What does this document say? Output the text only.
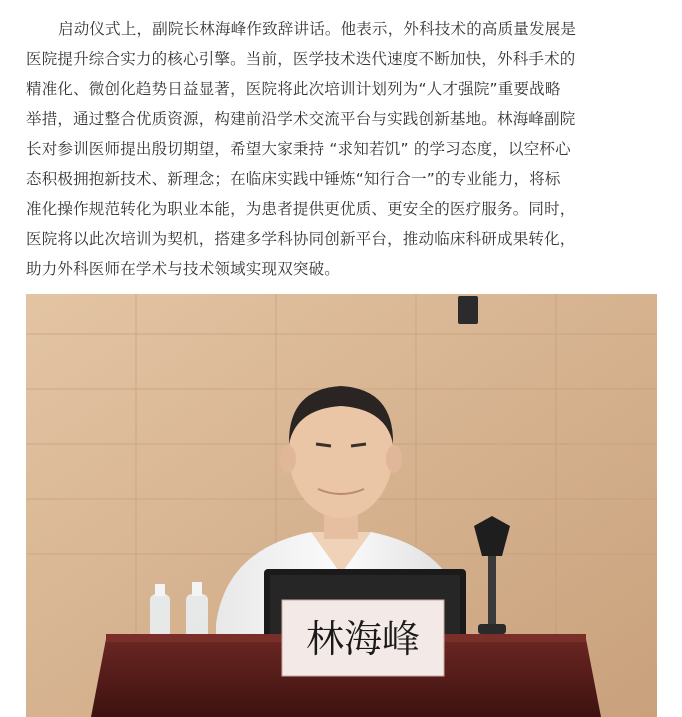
启动仪式上，副院长林海峰作致辞讲话。他表示，外科技术的高质量发展是
医院提升综合实力的核心引擎。当前，医学技术迭代速度不断加快，外科手术的
精准化、微创化趋势日益显著，医院将此次培训计划列为“人才强院”重要战略
举措，通过整合优质资源，构建前沿学术交流平台与实践创新基地。林海峰副院
长对参训医师提出殷切期望，希望大家秉持 “求知若饥” 的学习态度，以空杯心
态积极拥抱新技术、新理念；在临床实践中锤炼“知行合一”的专业能力，将标
准化操作规范转化为职业本能，为患者提供更优质、更安全的医疗服务。同时，
医院将以此次培训为契机，搭建多学科协同创新平台，推动临床科研成果转化，
助力外科医师在学术与技术领域实现双突破。
林海峰
